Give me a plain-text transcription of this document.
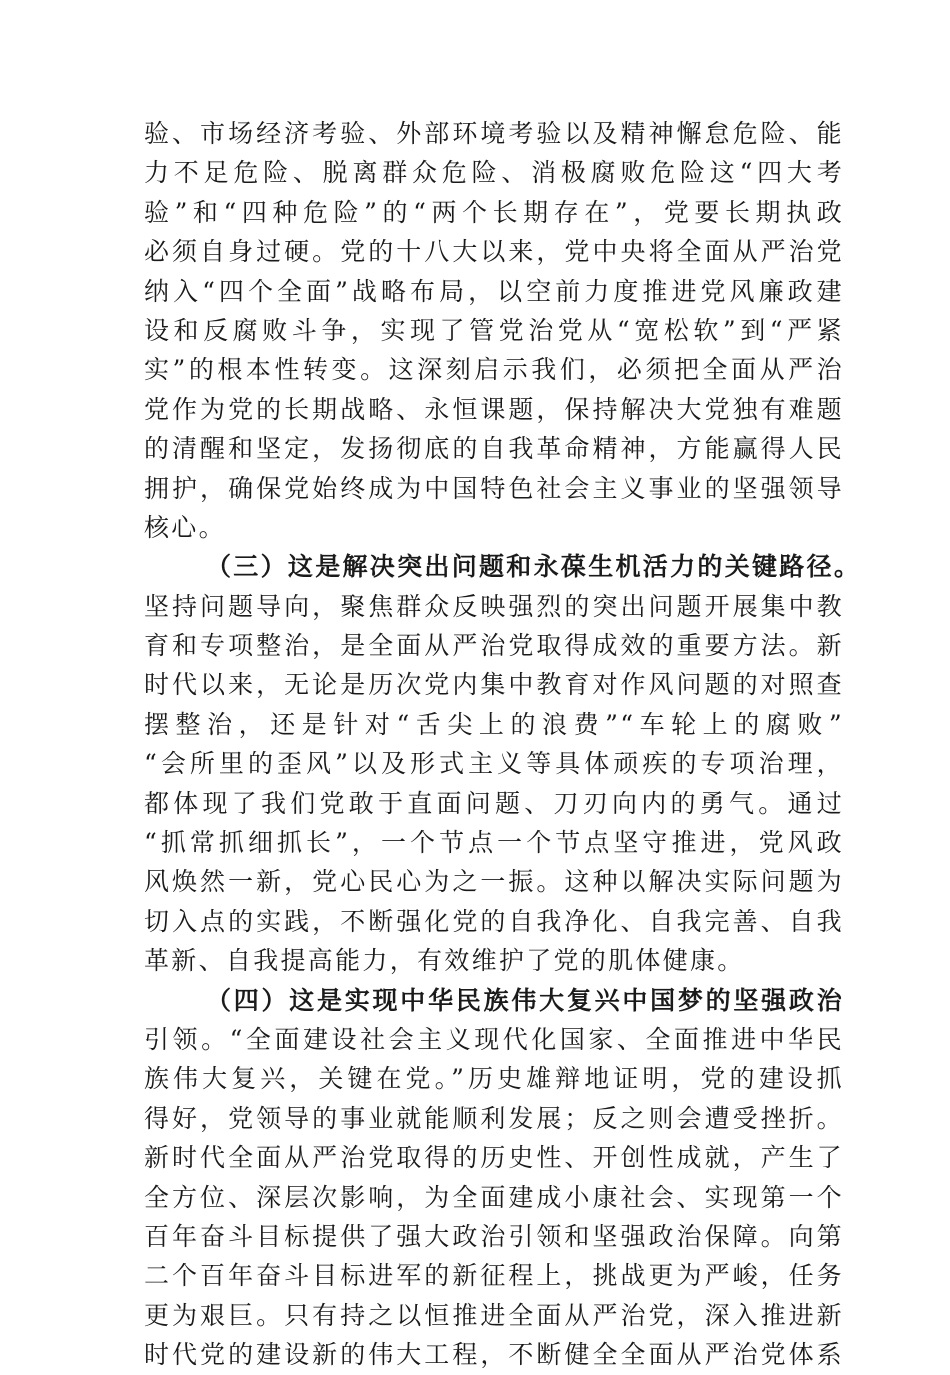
验、市场经济考验、外部环境考验以及精神懈怠危险、能
力不足危险、脱离群众危险、消极腐败危险这“四大考
验”和“四种危险”的“两个长期存在”，党要长期执政
必须自身过硬。党的十八大以来，党中央将全面从严治党
纳入“四个全面”战略布局，以空前力度推进党风廉政建
设和反腐败斗争，实现了管党治党从“宽松软”到“严紧
实”的根本性转变。这深刻启示我们，必须把全面从严治
党作为党的长期战略、永恒课题，保持解决大党独有难题
的清醒和坚定，发扬彻底的自我革命精神，方能赢得人民
拥护，确保党始终成为中国特色社会主义事业的坚强领导
核心。
（三）这是解决突出问题和永葆生机活力的关键路径。
坚持问题导向，聚焦群众反映强烈的突出问题开展集中教
育和专项整治，是全面从严治党取得成效的重要方法。新
时代以来，无论是历次党内集中教育对作风问题的对照查
摆整治，还是针对“舌尖上的浪费”“车轮上的腐败”
“会所里的歪风”以及形式主义等具体顽疾的专项治理，
都体现了我们党敢于直面问题、刀刃向内的勇气。通过
“抓常抓细抓长”，一个节点一个节点坚守推进，党风政
风焕然一新，党心民心为之一振。这种以解决实际问题为
切入点的实践，不断强化党的自我净化、自我完善、自我
革新、自我提高能力，有效维护了党的肌体健康。
（四）这是实现中华民族伟大复兴中国梦的坚强政治
引领。“全面建设社会主义现代化国家、全面推进中华民
族伟大复兴，关键在党。”历史雄辩地证明，党的建设抓
得好，党领导的事业就能顺利发展；反之则会遭受挫折。
新时代全面从严治党取得的历史性、开创性成就，产生了
全方位、深层次影响，为全面建成小康社会、实现第一个
百年奋斗目标提供了强大政治引领和坚强政治保障。向第
二个百年奋斗目标进军的新征程上，挑战更为严峻，任务
更为艰巨。只有持之以恒推进全面从严治党，深入推进新
时代党的建设新的伟大工程，不断健全全面从严治党体系
